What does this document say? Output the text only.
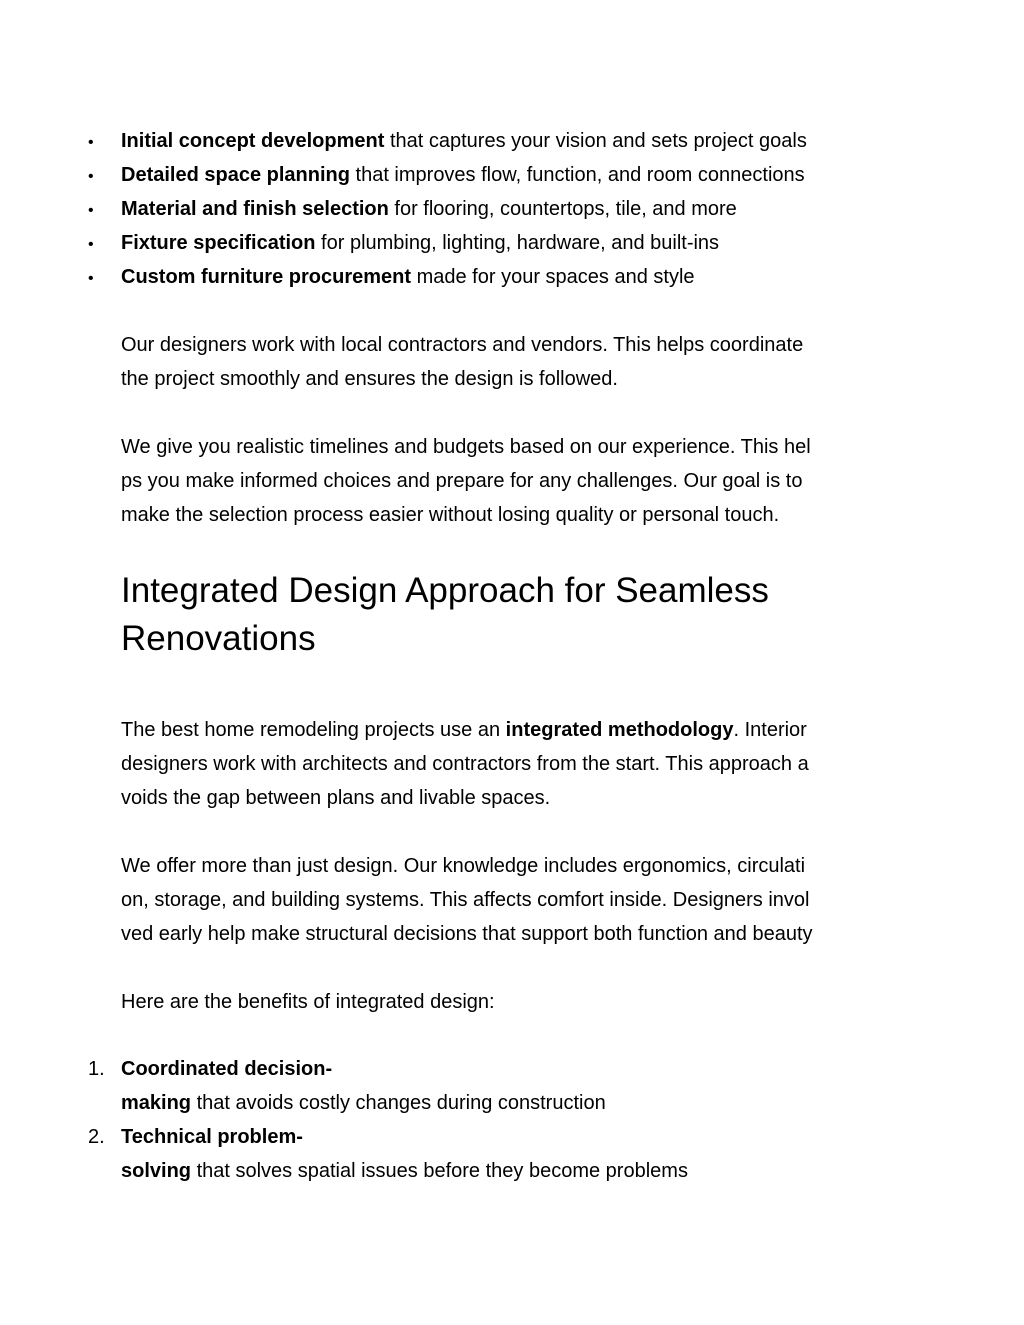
• Initial concept development that captures your vision and sets project goals
• Detailed space planning that improves flow, function, and room connections
• Material and finish selection for flooring, countertops, tile, and more
• Fixture specification for plumbing, lighting, hardware, and built-ins
• Custom furniture procurement made for your spaces and style
Our designers work with local contractors and vendors. This helps coordinate
the project smoothly and ensures the design is followed.
We give you realistic timelines and budgets based on our experience. This hel
ps you make informed choices and prepare for any challenges. Our goal is to
make the selection process easier without losing quality or personal touch.
Integrated Design Approach for Seamless
Renovations
The best home remodeling projects use an integrated methodology. Interior
designers work with architects and contractors from the start. This approach a
voids the gap between plans and livable spaces.
We offer more than just design. Our knowledge includes ergonomics, circulati
on, storage, and building systems. This affects comfort inside. Designers invol
ved early help make structural decisions that support both function and beauty
Here are the benefits of integrated design:
1. Coordinated decision-
making that avoids costly changes during construction
2. Technical problem-
solving that solves spatial issues before they become problems
